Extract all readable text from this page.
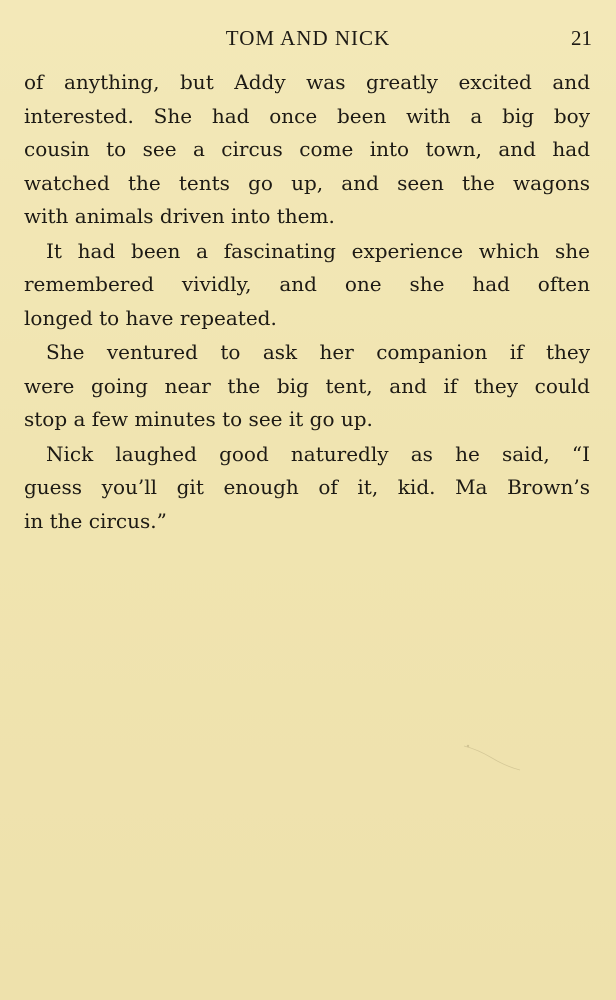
TOM AND NICK	21

of anything, but Addy was greatly excited and
interested. She had once been with a big boy
cousin to see a circus come into town, and had
watched the tents go up, and seen the wagons
with animals driven into them.

It had been a fascinating experience which she
remembered vividly, and one she had often
longed to have repeated.

She ventured to ask her companion if they
were going near the big tent, and if they could
stop a few minutes to see it go up.

Nick laughed good naturedly as he said, “I
guess you’ll git enough of it, kid. Ma Brown’s
in the circus.”
